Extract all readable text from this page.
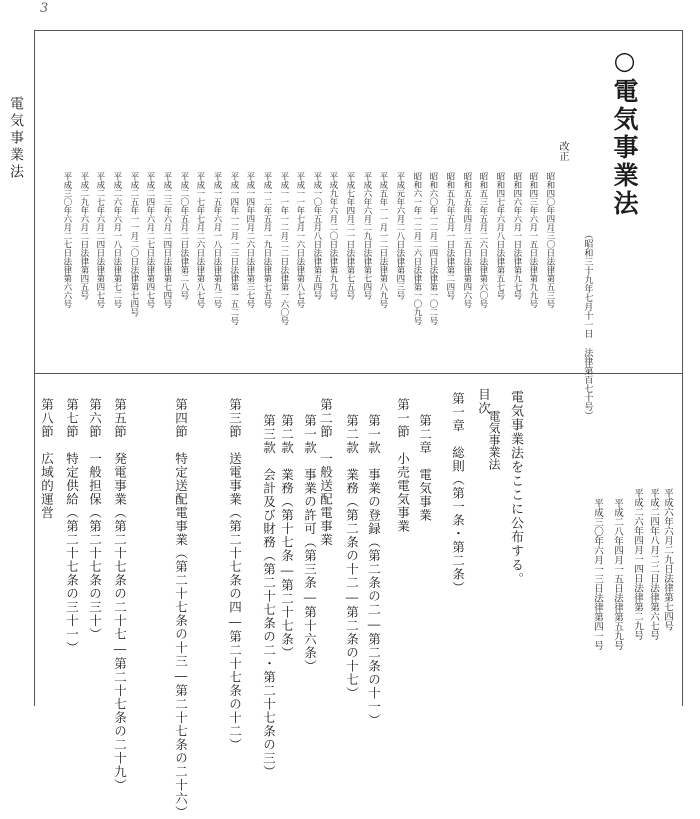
3
電気事業法	○電気事業法
（昭和三十九年七月十一日 法律第百七十号）
改正
昭和四〇年四月三〇日法律第五三号
昭和四三年六月一五日法律第九九号
昭和四六年六月一日法律第九七号
昭和四七年六月八日法律第五七号
昭和五三年五月二六日法律第六〇号
昭和五五年四月二五日法律第四六号
昭和五九年五月一日法律第二四号
昭和六〇年一二月二四日法律第一〇二号
昭和六一年一二月二六日法律第一〇九号
平成元年六月二八日法律第四三号
平成五年一一月一二日法律第八九号
平成六年六月二九日法律第七四号
平成七年四月二一日法律第七五号
平成九年六月二〇日法律第九九号
平成一〇年五月八日法律第五四号
平成一一年七月一六日法律第八七号
平成一一年一二月二二日法律第一六〇号
平成一二年五月一九日法律第七五号
平成一四年四月二六日法律第三七号
平成一四年一二月一三日法律第一五二号
平成一五年六月一八日法律第九二号
平成一七年七月二六日法律第八七号
平成二〇年五月二日法律第二八号
平成二三年六月二四日法律第七四号
平成二四年六月二七日法律第四七号
平成二五年一一月二〇日法律第七四号
平成二六年六月一八日法律第七二号
平成二七年六月二四日法律第四七号
平成二九年六月二日法律第四五号
平成三〇年六月二七日法律第六六号
電気事業法をここに公布する。
電気事業法
目次
第一章　総則（第一条・第二条）
第二章　電気事業
第一節　小売電気事業
第一款　事業の登録（第二条の二―第二条の十一）
第二款　業務（第二条の十二―第二条の十七）
第二節　一般送配電事業
第一款　事業の許可（第三条―第十六条）
第二款　業務（第十七条―第二十七条）
第三款　会計及び財務（第二十七条の二・第二十七条の三）
第三節　送電事業（第二十七条の四―第二十七条の十二）
第四節　特定送配電事業（第二十七条の十三―第二十七条の二十六）
第五節　発電事業（第二十七条の二十七―第二十七条の二十九）
第六節　一般担保（第二十七条の三十）
第七節　特定供給（第二十七条の三十一）
第八節　広域的運営
平成六年六月二九日法律第七四号
平成二四年八月二二日法律第六七号
平成二六年四月一四日法律第二九号
平成二八年四月一五日法律第五九号
平成三〇年六月一三日法律第四一号
